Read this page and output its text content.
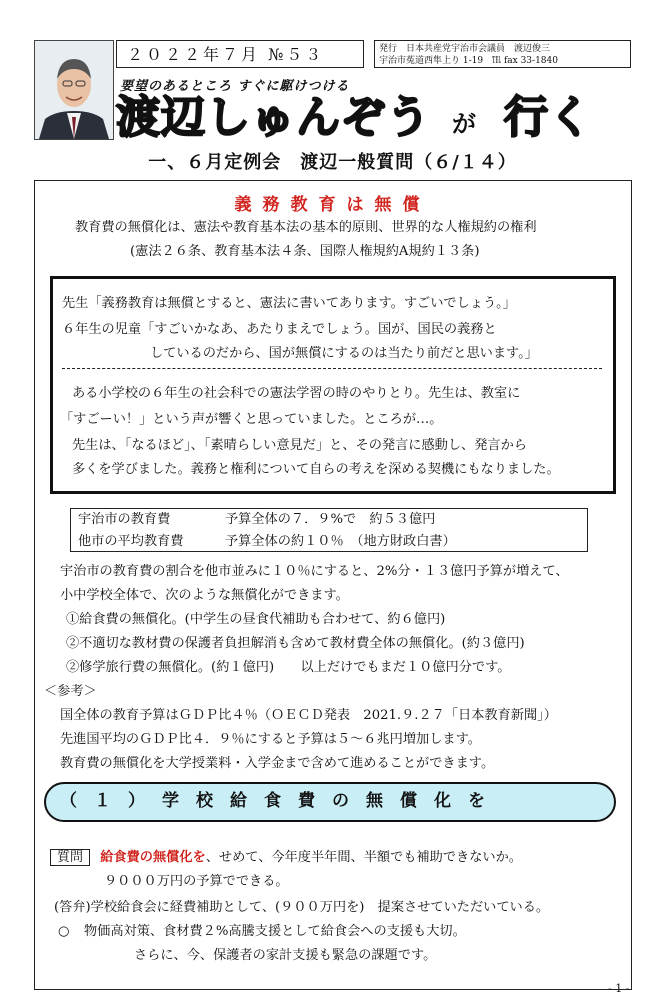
２０２２年７月 №５３	発行　日本共産党宇治市会議員　渡辺俊三
宇治市菟道西隼上り 1-19　℡ fax 33-1840
要望のあるところ すぐに駆けつける
渡辺しゅんぞう が 行く
一、６月定例会　渡辺一般質問（６/１４）
義務教育は無償
教育費の無償化は、憲法や教育基本法の基本的原則、世界的な人権規約の権利
(憲法２６条、教育基本法４条、国際人権規約A規約１３条)
先生「義務教育は無償とすると、憲法に書いてあります。すごいでしょう。」
６年生の児童「すごいかなあ、あたりまえでしょう。国が、国民の義務と
しているのだから、国が無償にするのは当たり前だと思います。」
ある小学校の６年生の社会科での憲法学習の時のやりとり。先生は、教室に
「すごーい！」という声が響くと思っていました。ところが…。
先生は、「なるほど」、「素晴らしい意見だ」と、その発言に感動し、発言から
多くを学びました。義務と権利について自らの考えを深める契機にもなりました。
宇治市の教育費	予算全体の７．９%で　約５３億円
他市の平均教育費	予算全体の約１０％　（地方財政白書）
宇治市の教育費の割合を他市並みに１０％にすると、2%分・１３億円予算が増えて、
小中学校全体で、次のような無償化ができます。
①給食費の無償化。(中学生の昼食代補助も合わせて、約６億円)
②不適切な教材費の保護者負担解消も含めて教材費全体の無償化。(約３億円)
②修学旅行費の無償化。(約１億円)　　以上だけでもまだ１０億円分です。
＜参考＞
国全体の教育予算はＧＤＰ比４％（ＯＥＣＤ発表　2021.９.２７「日本教育新聞」）
先進国平均のＧＤＰ比４．９％にすると予算は５～６兆円増加します。
教育費の無償化を大学授業料・入学金まで含めて進めることができます。
（１）学校給食費の無償化を
質問 給食費の無償化を、せめて、今年度半年間、半額でも補助できないか。
９０００万円の予算でできる。
(答弁)学校給食会に経費補助として、(９００万円を)　提案させていただいている。
○ 物価高対策、食材費２%高騰支援として給食会への支援も大切。
さらに、今、保護者の家計支援も緊急の課題です。
- 1 -
